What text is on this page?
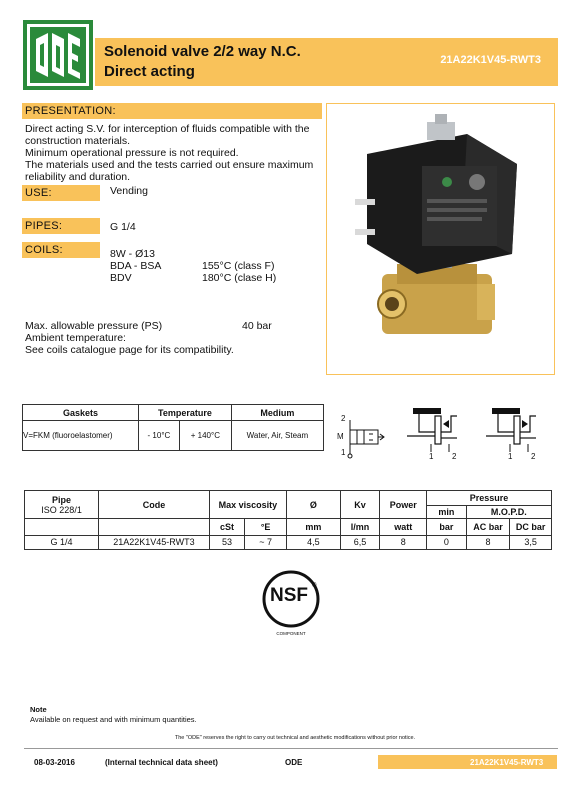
Solenoid valve 2/2 way N.C.
Direct acting
21A22K1V45-RWT3
PRESENTATION:
Direct acting S.V. for interception of fluids compatible with the
construction materials.
Minimum operational pressure is not required.
The materials used and the tests carried out ensure maximum
reliability and duration.
USE:	Vending
PIPES:	G 1/4
COILS:	8W - Ø13
BDA - BSA	155°C (class F)
BDV	180°C (clase H)
Max. allowable pressure (PS)	40 bar
Ambient temperature:
See coils catalogue page for its compatibility.
Gaskets	Temperature		Medium
V=FKM (fluoroelastomer)	- 10°C	+ 140°C	Water, Air, Steam
2
1
M
1 2	1 2
Pipe
ISO 228/1	Code	Max viscosity		Ø	Kv	Power	Pressure		
							min	M.O.P.D.	
		cSt	°E	mm	l/mn	watt	bar	AC bar	DC bar
G 1/4	21A22K1V45-RWT3	53	~ 7	4,5	6,5	8	0	8	3,5
NSF ®
COMPONENT
Note
Available on request and with minimum quantities.
The "ODE" reserves the right to carry out technical and aesthetic modifications without prior notice.
08-03-2016	(Internal technical data sheet)	ODE	21A22K1V45-RWT3
